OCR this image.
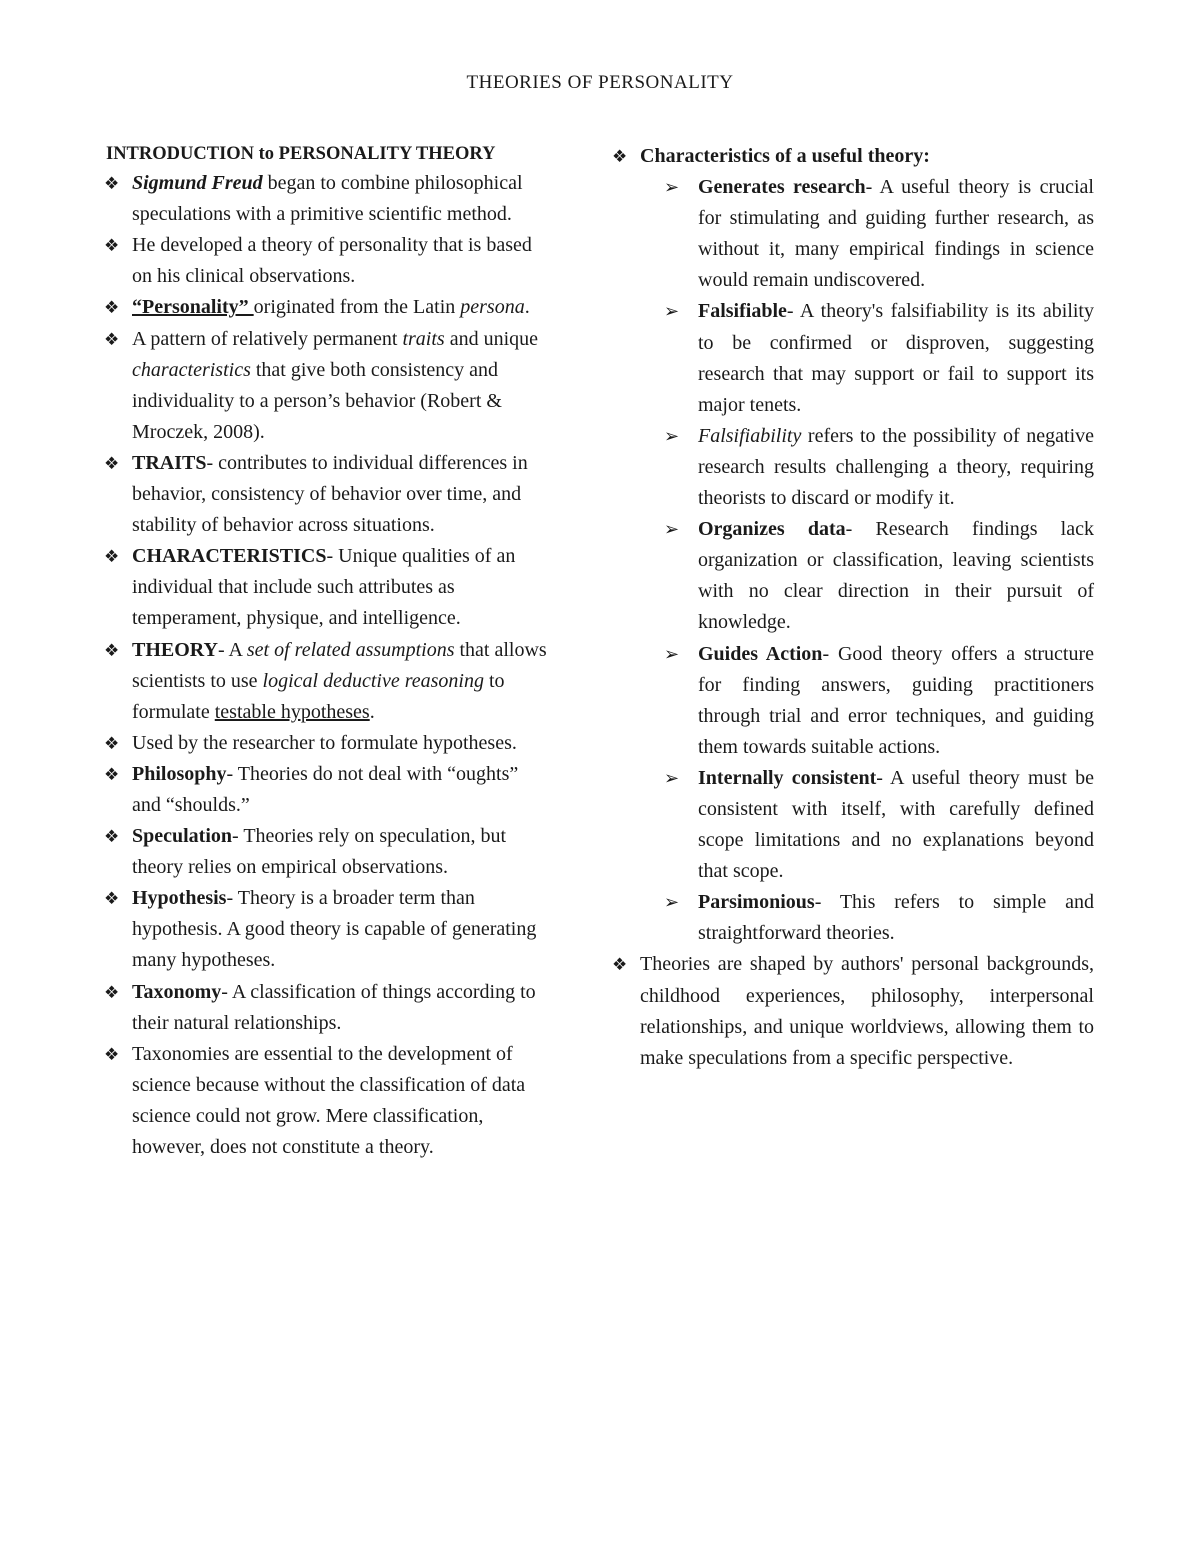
THEORIES OF PERSONALITY
INTRODUCTION to PERSONALITY THEORY
❖ Sigmund Freud began to combine philosophical speculations with a primitive scientific method.
❖ He developed a theory of personality that is based on his clinical observations.
❖ “Personality” originated from the Latin persona.
❖ A pattern of relatively permanent traits and unique characteristics that give both consistency and individuality to a person’s behavior (Robert & Mroczek, 2008).
❖ TRAITS- contributes to individual differences in behavior, consistency of behavior over time, and stability of behavior across situations.
❖ CHARACTERISTICS- Unique qualities of an individual that include such attributes as temperament, physique, and intelligence.
❖ THEORY- A set of related assumptions that allows scientists to use logical deductive reasoning to formulate testable hypotheses.
❖ Used by the researcher to formulate hypotheses.
❖ Philosophy- Theories do not deal with “oughts” and “shoulds.”
❖ Speculation- Theories rely on speculation, but theory relies on empirical observations.
❖ Hypothesis- Theory is a broader term than hypothesis. A good theory is capable of generating many hypotheses.
❖ Taxonomy- A classification of things according to their natural relationships.
❖ Taxonomies are essential to the development of science because without the classification of data science could not grow. Mere classification, however, does not constitute a theory.
❖ Characteristics of a useful theory:
➢ Generates research- A useful theory is crucial for stimulating and guiding further research, as without it, many empirical findings in science would remain undiscovered.
➢ Falsifiable- A theory's falsifiability is its ability to be confirmed or disproven, suggesting research that may support or fail to support its major tenets.
➢ Falsifiability refers to the possibility of negative research results challenging a theory, requiring theorists to discard or modify it.
➢ Organizes data- Research findings lack organization or classification, leaving scientists with no clear direction in their pursuit of knowledge.
➢ Guides Action- Good theory offers a structure for finding answers, guiding practitioners through trial and error techniques, and guiding them towards suitable actions.
➢ Internally consistent- A useful theory must be consistent with itself, with carefully defined scope limitations and no explanations beyond that scope.
➢ Parsimonious- This refers to simple and straightforward theories.
❖ Theories are shaped by authors' personal backgrounds, childhood experiences, philosophy, interpersonal relationships, and unique worldviews, allowing them to make speculations from a specific perspective.
